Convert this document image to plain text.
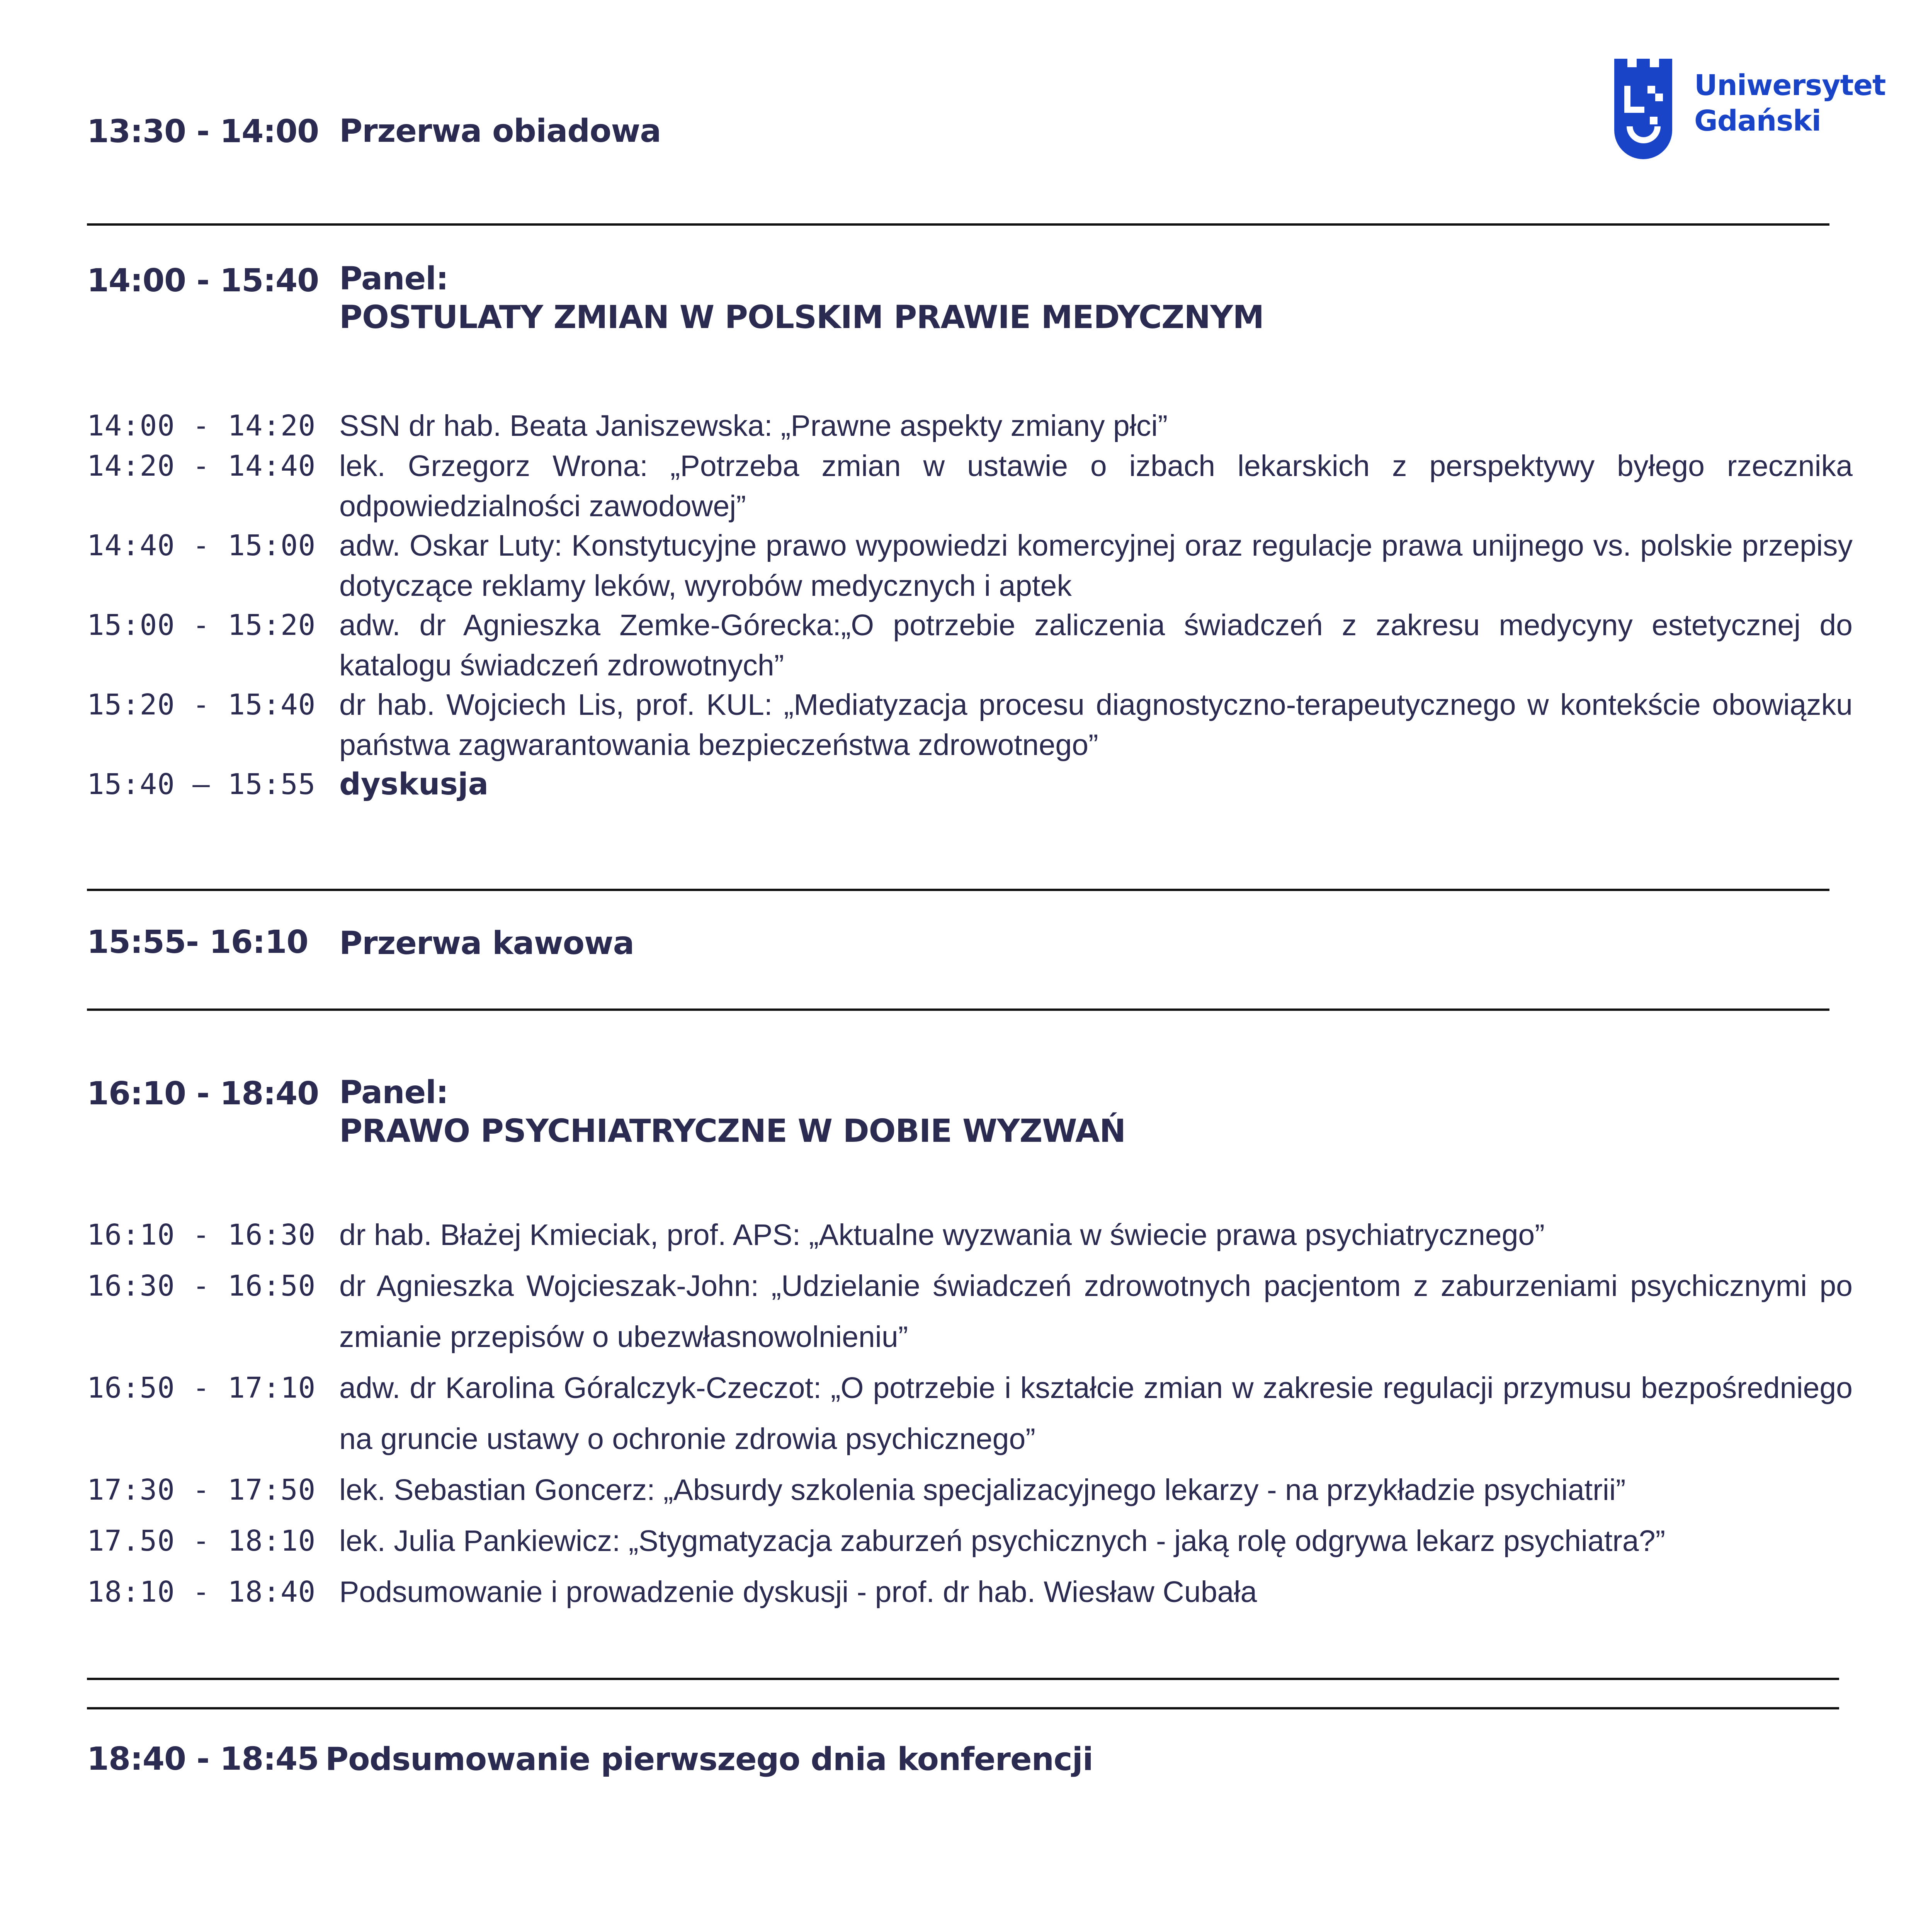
Uniwersytet
Gdański
13:30 - 14:00 Przerwa obiadowa
14:00 - 15:40 Panel:
POSTULATY ZMIAN W POLSKIM PRAWIE MEDYCZNYM
14:00 - 14:20 SSN dr hab. Beata Janiszewska: „Prawne aspekty zmiany płci”
14:20 - 14:40 lek. Grzegorz Wrona: „Potrzeba zmian w ustawie o izbach lekarskich z perspektywy byłego rzecznika odpowiedzialności zawodowej”
14:40 - 15:00 adw. Oskar Luty: Konstytucyjne prawo wypowiedzi komercyjnej oraz regulacje prawa unijnego vs. polskie przepisy dotyczące reklamy leków, wyrobów medycznych i aptek
15:00 - 15:20 adw. dr Agnieszka Zemke-Górecka:„O potrzebie zaliczenia świadczeń z zakresu medycyny estetycznej do katalogu świadczeń zdrowotnych”
15:20 - 15:40 dr hab. Wojciech Lis, prof. KUL: „Mediatyzacja procesu diagnostyczno-terapeutycznego w kontekście obowiązku państwa zagwarantowania bezpieczeństwa zdrowotnego”
15:40 – 15:55 dyskusja
15:55- 16:10 Przerwa kawowa
16:10 - 18:40 Panel:
PRAWO PSYCHIATRYCZNE W DOBIE WYZWAŃ
16:10 - 16:30 dr hab. Błażej Kmieciak, prof. APS: „Aktualne wyzwania w świecie prawa psychiatrycznego”
16:30 - 16:50 dr Agnieszka Wojcieszak-John: „Udzielanie świadczeń zdrowotnych pacjentom z zaburzeniami psychicznymi po zmianie przepisów o ubezwłasnowolnieniu”
16:50 - 17:10 adw. dr Karolina Góralczyk-Czeczot: „O potrzebie i kształcie zmian w zakresie regulacji przymusu bezpośredniego na gruncie ustawy o ochronie zdrowia psychicznego”
17:30 - 17:50 lek. Sebastian Goncerz: „Absurdy szkolenia specjalizacyjnego lekarzy - na przykładzie psychiatrii”
17.50 - 18:10 lek. Julia Pankiewicz: „Stygmatyzacja zaburzeń psychicznych - jaką rolę odgrywa lekarz psychiatra?”
18:10 - 18:40 Podsumowanie i prowadzenie dyskusji - prof. dr hab. Wiesław Cubała
18:40 - 18:45 Podsumowanie pierwszego dnia konferencji
